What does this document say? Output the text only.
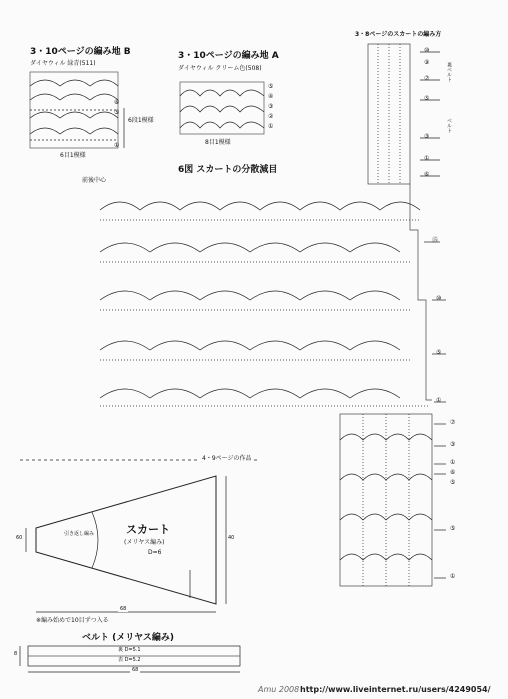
3・10ページの編み地 B
ダイヤウィル 緑青(511)
6目1模様
6段1模様
⑥
⑤
①
3・10ページの編み地 A
ダイヤウィル クリーム色(508)
8目1模様
⑤
④
③
②
①
3・8ページのスカートの編み方
裏ベルト
ベルト
⑩
⑨
⑦
⑤
③
①
⑥
前後中心
6図 スカートの分散減目
⑮
⑩
⑤
①
⑦
③
①
⑥
⑤
⑤
①
4・9ページの作品
スカート
(メリヤス編み)
D=6
40
60
68
引き返し編み
※編み始めで10目ずつ入る
ベルト (メリヤス編み)
裏 D=5.1
表 D=5.2
68
8
Amu 2008 http://www.liveinternet.ru/users/4249054/
